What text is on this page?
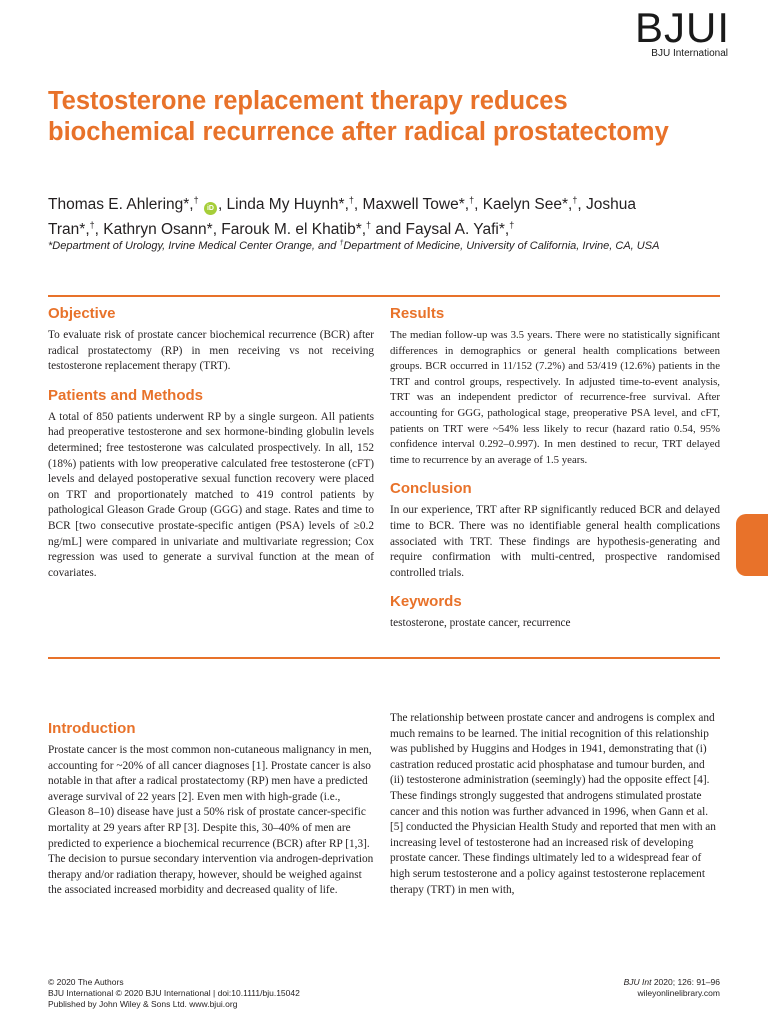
BJUI
BJU International
Testosterone replacement therapy reduces biochemical recurrence after radical prostatectomy
Thomas E. Ahlering*,† iD , Linda My Huynh*,†, Maxwell Towe*,†, Kaelyn See*,†, Joshua
Tran*,†, Kathryn Osann*, Farouk M. el Khatib*,† and Faysal A. Yafi*,†
*Department of Urology, Irvine Medical Center Orange, and †Department of Medicine, University of California, Irvine, CA, USA
Objective

To evaluate risk of prostate cancer biochemical recurrence (BCR) after radical prostatectomy (RP) in men receiving vs not receiving testosterone replacement therapy (TRT).

Patients and Methods

A total of 850 patients underwent RP by a single surgeon. All patients had preoperative testosterone and sex hormone-binding globulin levels determined; free testosterone was calculated prospectively. In all, 152 (18%) patients with low preoperative calculated free testosterone (cFT) levels and delayed postoperative sexual function recovery were placed on TRT and proportionately matched to 419 control patients by pathological Gleason Grade Group (GGG) and stage. Rates and time to BCR [two consecutive prostate-specific antigen (PSA) levels of ≥0.2 ng/mL] were compared in univariate and multivariate regression; Cox regression was used to generate a survival function at the mean of covariates.

Results

The median follow-up was 3.5 years. There were no statistically significant differences in demographics or general health complications between groups. BCR occurred in 11/152 (7.2%) and 53/419 (12.6%) patients in the TRT and control groups, respectively. In adjusted time-to-event analysis, TRT was an independent predictor of recurrence-free survival. After accounting for GGG, pathological stage, preoperative PSA level, and cFT, patients on TRT were ~54% less likely to recur (hazard ratio 0.54, 95% confidence interval 0.292–0.997). In men destined to recur, TRT delayed time to recurrence by an average of 1.5 years.

Conclusion

In our experience, TRT after RP significantly reduced BCR and delayed time to BCR. There was no identifiable general health complications associated with TRT. These findings are hypothesis-generating and require confirmation with multi-centred, prospective randomised controlled trials.

Keywords

testosterone, prostate cancer, recurrence

Introduction

Prostate cancer is the most common non-cutaneous malignancy in men, accounting for ~20% of all cancer diagnoses [1]. Prostate cancer is also notable in that after a radical prostatectomy (RP) men have a predicted average survival of 22 years [2]. Even men with high-grade (i.e., Gleason 8–10) disease have just a 50% risk of prostate cancer-specific mortality at 29 years after RP [3]. Despite this, 30–40% of men are predicted to experience a biochemical recurrence (BCR) after RP [1,3]. The decision to pursue secondary intervention via androgen-deprivation therapy and/or radiation therapy, however, should be weighed against the associated increased morbidity and decreased quality of life.

The relationship between prostate cancer and androgens is complex and much remains to be learned. The initial recognition of this relationship was published by Huggins and Hodges in 1941, demonstrating that (i) castration reduced prostatic acid phosphatase and tumour burden, and (ii) testosterone administration (seemingly) had the opposite effect [4]. These findings strongly suggested that androgens stimulated prostate cancer and this notion was further advanced in 1996, when Gann et al. [5] conducted the Physician Health Study and reported that men with an increasing level of testosterone had an increased risk of developing prostate cancer. These findings ultimately led to a widespread fear of high serum testosterone and a policy against testosterone replacement therapy (TRT) in men with,

© 2020 The Authors
BJU International © 2020 BJU International | doi:10.1111/bju.15042
Published by John Wiley & Sons Ltd. www.bjui.org
BJU Int 2020; 126: 91–96
wileyonlinelibrary.com
